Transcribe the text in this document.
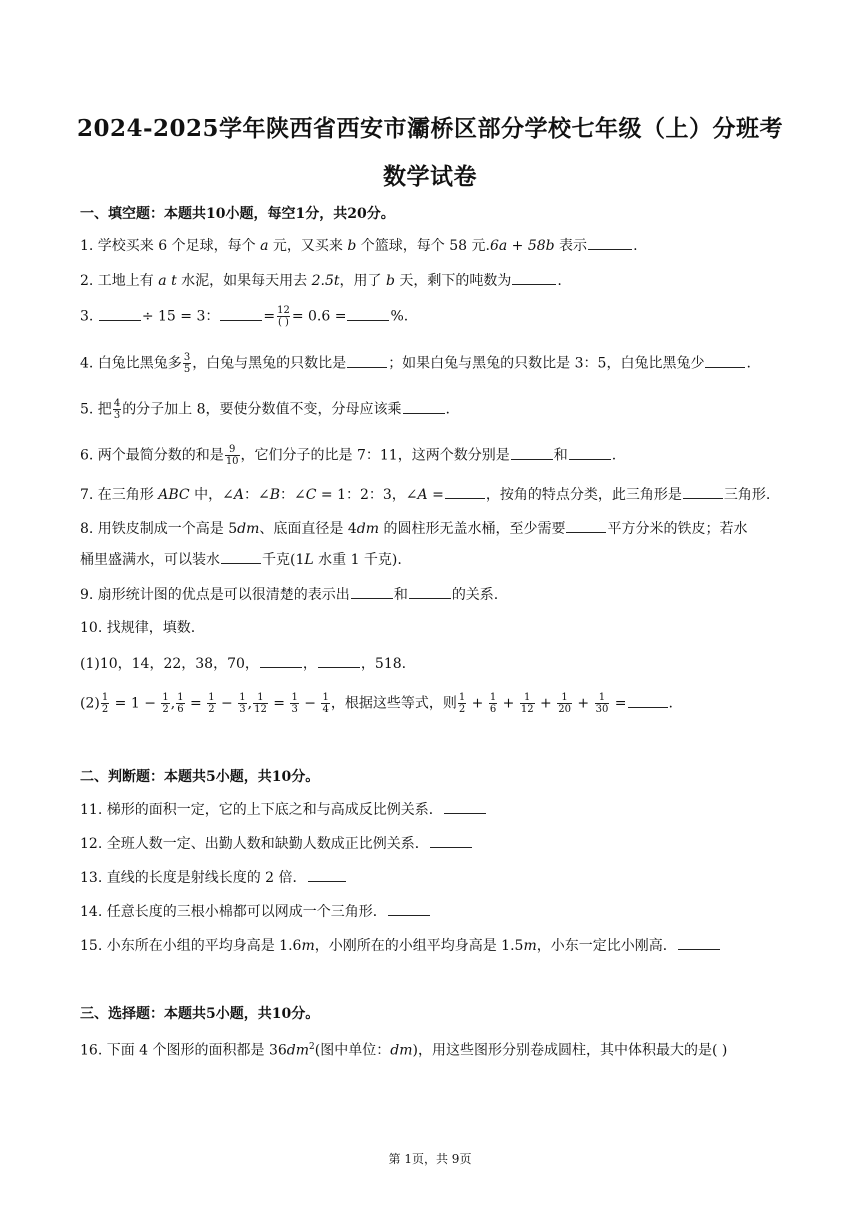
2024-2025学年陕西省西安市灞桥区部分学校七年级（上）分班考
数学试卷
一、填空题：本题共10小题，每空1分，共20分。
1. 学校买来 6 个足球，每个 a 元，又买来 b 个篮球，每个 58 元.6a + 58b 表示	.
2. 工地上有 a t 水泥，如果每天用去 2.5t，用了 b 天，剩下的吨数为	.
3.	÷ 15 = 3：	= $\frac{12}{( )} = 0.6$ =	%.
4. 白兔比黑兔多 $\frac{3}{5}$ ，白兔与黑兔的只数比是	；如果白兔与黑兔的只数比是 3：5，白兔比黑兔少	.
5. 把 $\frac{4}{3}$ 的分子加上 8，要使分数值不变，分母应该乘	.
6. 两个最简分数的和是 $\frac{9}{10}$ ，它们分子的比是 7：11，这两个数分别是	和	.
7. 在三角形 ABC 中，∠A：∠B：∠C = 1：2：3，∠A =	，按角的特点分类，此三角形是	三角形.
8. 用铁皮制成一个高是 5dm、底面直径是 4dm 的圆柱形无盖水桶，至少需要	平方分米的铁皮；若水
桶里盛满水，可以装水	千克(1L 水重 1 千克).
9. 扇形统计图的优点是可以很清楚的表示出	和	的关系.
10. 找规律，填数.
(1)10，14，22，38，70，	，	，518.
$(2) \frac{1}{2} = 1 - \frac{1}{2}$ , $\frac{1}{6} = \frac{1}{2} - \frac{1}{3}$ , $\frac{1}{12} = \frac{1}{3} - \frac{1}{4}$ ，根据这些等式，则 $\frac{1}{2} + \frac{1}{6} + \frac{1}{12} + \frac{1}{20} + \frac{1}{30}$ =	.
二、判断题：本题共5小题，共10分。
11. 梯形的面积一定，它的上下底之和与高成反比例关系．
12. 全班人数一定、出勤人数和缺勤人数成正比例关系．
13. 直线的长度是射线长度的 2 倍．
14. 任意长度的三根小棉都可以网成一个三角形．
15. 小东所在小组的平均身高是 1.6m，小刚所在的小组平均身高是 1.5m，小东一定比小刚高．
三、选择题：本题共5小题，共10分。
16. 下面 4 个图形的面积都是 $36dm^2$(图中单位：dm)，用这些图形分别卷成圆柱，其中体积最大的是( )
第 1页，共 9页
